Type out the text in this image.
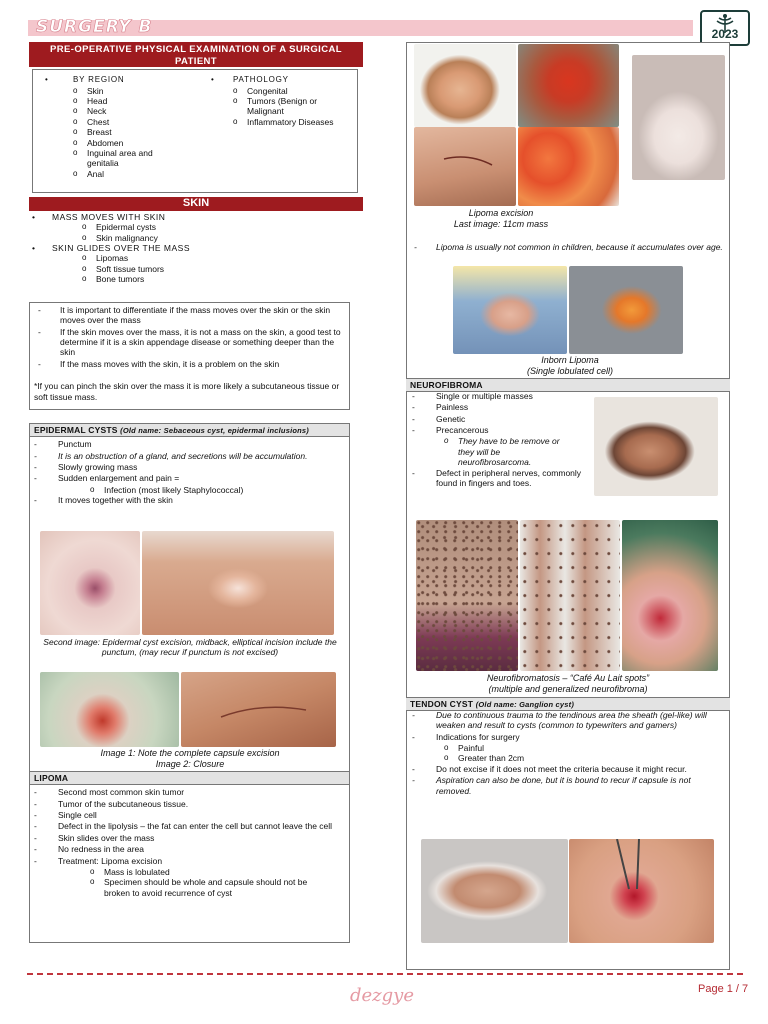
SURGERY B	2023
PRE-OPERATIVE PHYSICAL EXAMINATION OF A SURGICAL PATIENT
• BY REGION
o Skin
o Head
o Neck
o Chest
o Breast
o Abdomen
o Inguinal area and genitalia
o Anal
• PATHOLOGY
o Congenital
o Tumors (Benign or Malignant
o Inflammatory Diseases
SKIN
• MASS MOVES WITH SKIN
o Epidermal cysts
o Skin malignancy
• SKIN GLIDES OVER THE MASS
o Lipomas
o Soft tissue tumors
o Bone tumors
- It is important to differentiate if the mass moves over the skin or the skin moves over the mass
- If the skin moves over the mass, it is not a mass on the skin, a good test to determine if it is a skin appendage disease or something deeper than the skin
- If the mass moves with the skin, it is a problem on the skin
*If you can pinch the skin over the mass it is more likely a subcutaneous tissue or soft tissue mass.
EPIDERMAL CYSTS (Old name: Sebaceous cyst, epidermal inclusions)
- Punctum
- It is an obstruction of a gland, and secretions will be accumulation.
- Slowly growing mass
- Sudden enlargement and pain =
o Infection (most likely Staphylococcal)
- It moves together with the skin
Second image: Epidermal cyst excision, midback, elliptical incision include the punctum, (may recur if punctum is not excised)
Image 1: Note the complete capsule excision
Image 2: Closure
LIPOMA
- Second most common skin tumor
- Tumor of the subcutaneous tissue.
- Single cell
- Defect in the lipolysis – the fat can enter the cell but cannot leave the cell
- Skin slides over the mass
- No redness in the area
- Treatment: Lipoma excision
o Mass is lobulated
o Specimen should be whole and capsule should not be broken to avoid recurrence of cyst
Lipoma excision
Last image: 11cm mass
- Lipoma is usually not common in children, because it accumulates over age.
Inborn Lipoma
(Single lobulated cell)
NEUROFIBROMA
- Single or multiple masses
- Painless
- Genetic
- Precancerous
o They have to be remove or they will be neurofibrosarcoma.
- Defect in peripheral nerves, commonly found in fingers and toes.
Neurofibromatosis – “Café Au Lait spots”
(multiple and generalized neurofibroma)
TENDON CYST (Old name: Ganglion cyst)
- Due to continuous trauma to the tendinous area the sheath (gel-like) will weaken and result to cysts (common to typewriters and gamers)
- Indications for surgery
o Painful
o Greater than 2cm
- Do not excise if it does not meet the criteria because it might recur.
- Aspiration can also be done, but it is bound to recur if capsule is not removed.
dezgye	Page 1 / 7
